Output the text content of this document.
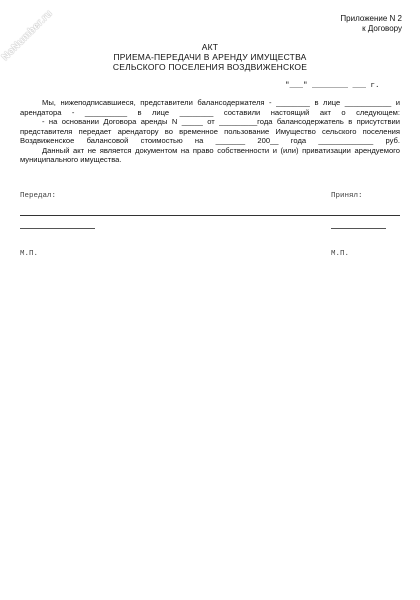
NoNumber.ru	Приложение N 2
к Договору
АКТ
ПРИЕМА-ПЕРЕДАЧИ В АРЕНДУ ИМУЩЕСТВА
СЕЛЬСКОГО ПОСЕЛЕНИЯ ВОЗДВИЖЕНСКОЕ
"___" ________ ___ г.

Мы, нижеподписавшиеся, представители балансодержателя - ________ в лице ___________ и арендатора - __________ в лице ________ составили настоящий акт о следующем:

- на основании Договора аренды N _____ от _________года балансодержатель в присутствии представителя передает арендатору во временное пользование Имущество сельского поселения Воздвиженское балансовой стоимостью на _______ 200__ года _____________ руб.

Данный акт не является документом на право собственности и (или) приватизации арендуемого муниципального имущества.

Передал:

М.П.

Принял:

М.П.
